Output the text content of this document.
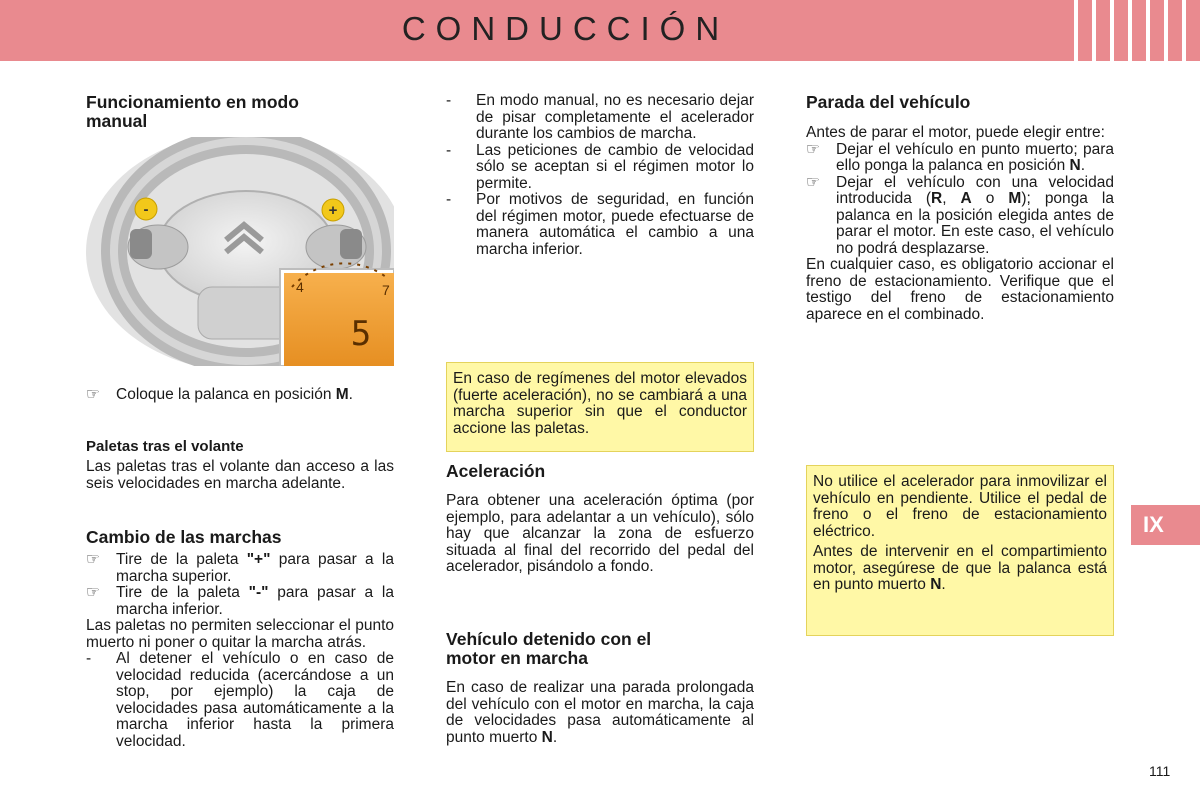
CONDUCCIÓN
Funcionamiento en modo
manual
-	+
4	7
5
☞	Coloque la palanca en posición M.
Paletas tras el volante

Las paletas tras el volante dan acceso a las seis velocidades en marcha adelante.

Cambio de las marchas
☞	Tire de la paleta "+" para pasar a la marcha superior.
☞	Tire de la paleta "-" para pasar a la marcha inferior.

Las paletas no permiten seleccionar el punto muerto ni poner o quitar la marcha atrás.

-	Al detener el vehículo o en caso de velocidad reducida (acercándose a un stop, por ejemplo) la caja de velocidades pasa automáticamente a la marcha inferior hasta la primera velocidad.
-	En modo manual, no es necesario dejar de pisar completamente el acelerador durante los cambios de marcha.
-	Las peticiones de cambio de velocidad sólo se aceptan si el régimen motor lo permite.
-	Por motivos de seguridad, en función del régimen motor, puede efectuarse de manera automática el cambio a una marcha inferior.

En caso de regímenes del motor elevados (fuerte aceleración), no se cambiará a una marcha superior sin que el conductor accione las paletas.

Aceleración

Para obtener una aceleración óptima (por ejemplo, para adelantar a un vehículo), sólo hay que alcanzar la zona de esfuerzo situada al final del recorrido del pedal del acelerador, pisándolo a fondo.

Vehículo detenido con el
motor en marcha

En caso de realizar una parada prolongada del vehículo con el motor en marcha, la caja de velocidades pasa automáticamente al punto muerto N.

Parada del vehículo

Antes de parar el motor, puede elegir entre:

☞	Dejar el vehículo en punto muerto; para ello ponga la palanca en posición N.
☞	Dejar el vehículo con una velocidad introducida (R, A o M); ponga la palanca en la posición elegida antes de parar el motor. En este caso, el vehículo no podrá desplazarse.

En cualquier caso, es obligatorio accionar el freno de estacionamiento. Verifique que el testigo del freno de estacionamiento aparece en el combinado.

No utilice el acelerador para inmovilizar el vehículo en pendiente. Utilice el pedal de freno o el freno de estacionamiento eléctrico.

Antes de intervenir en el compartimiento motor, asegúrese de que la palanca está en punto muerto N.

IX
111
